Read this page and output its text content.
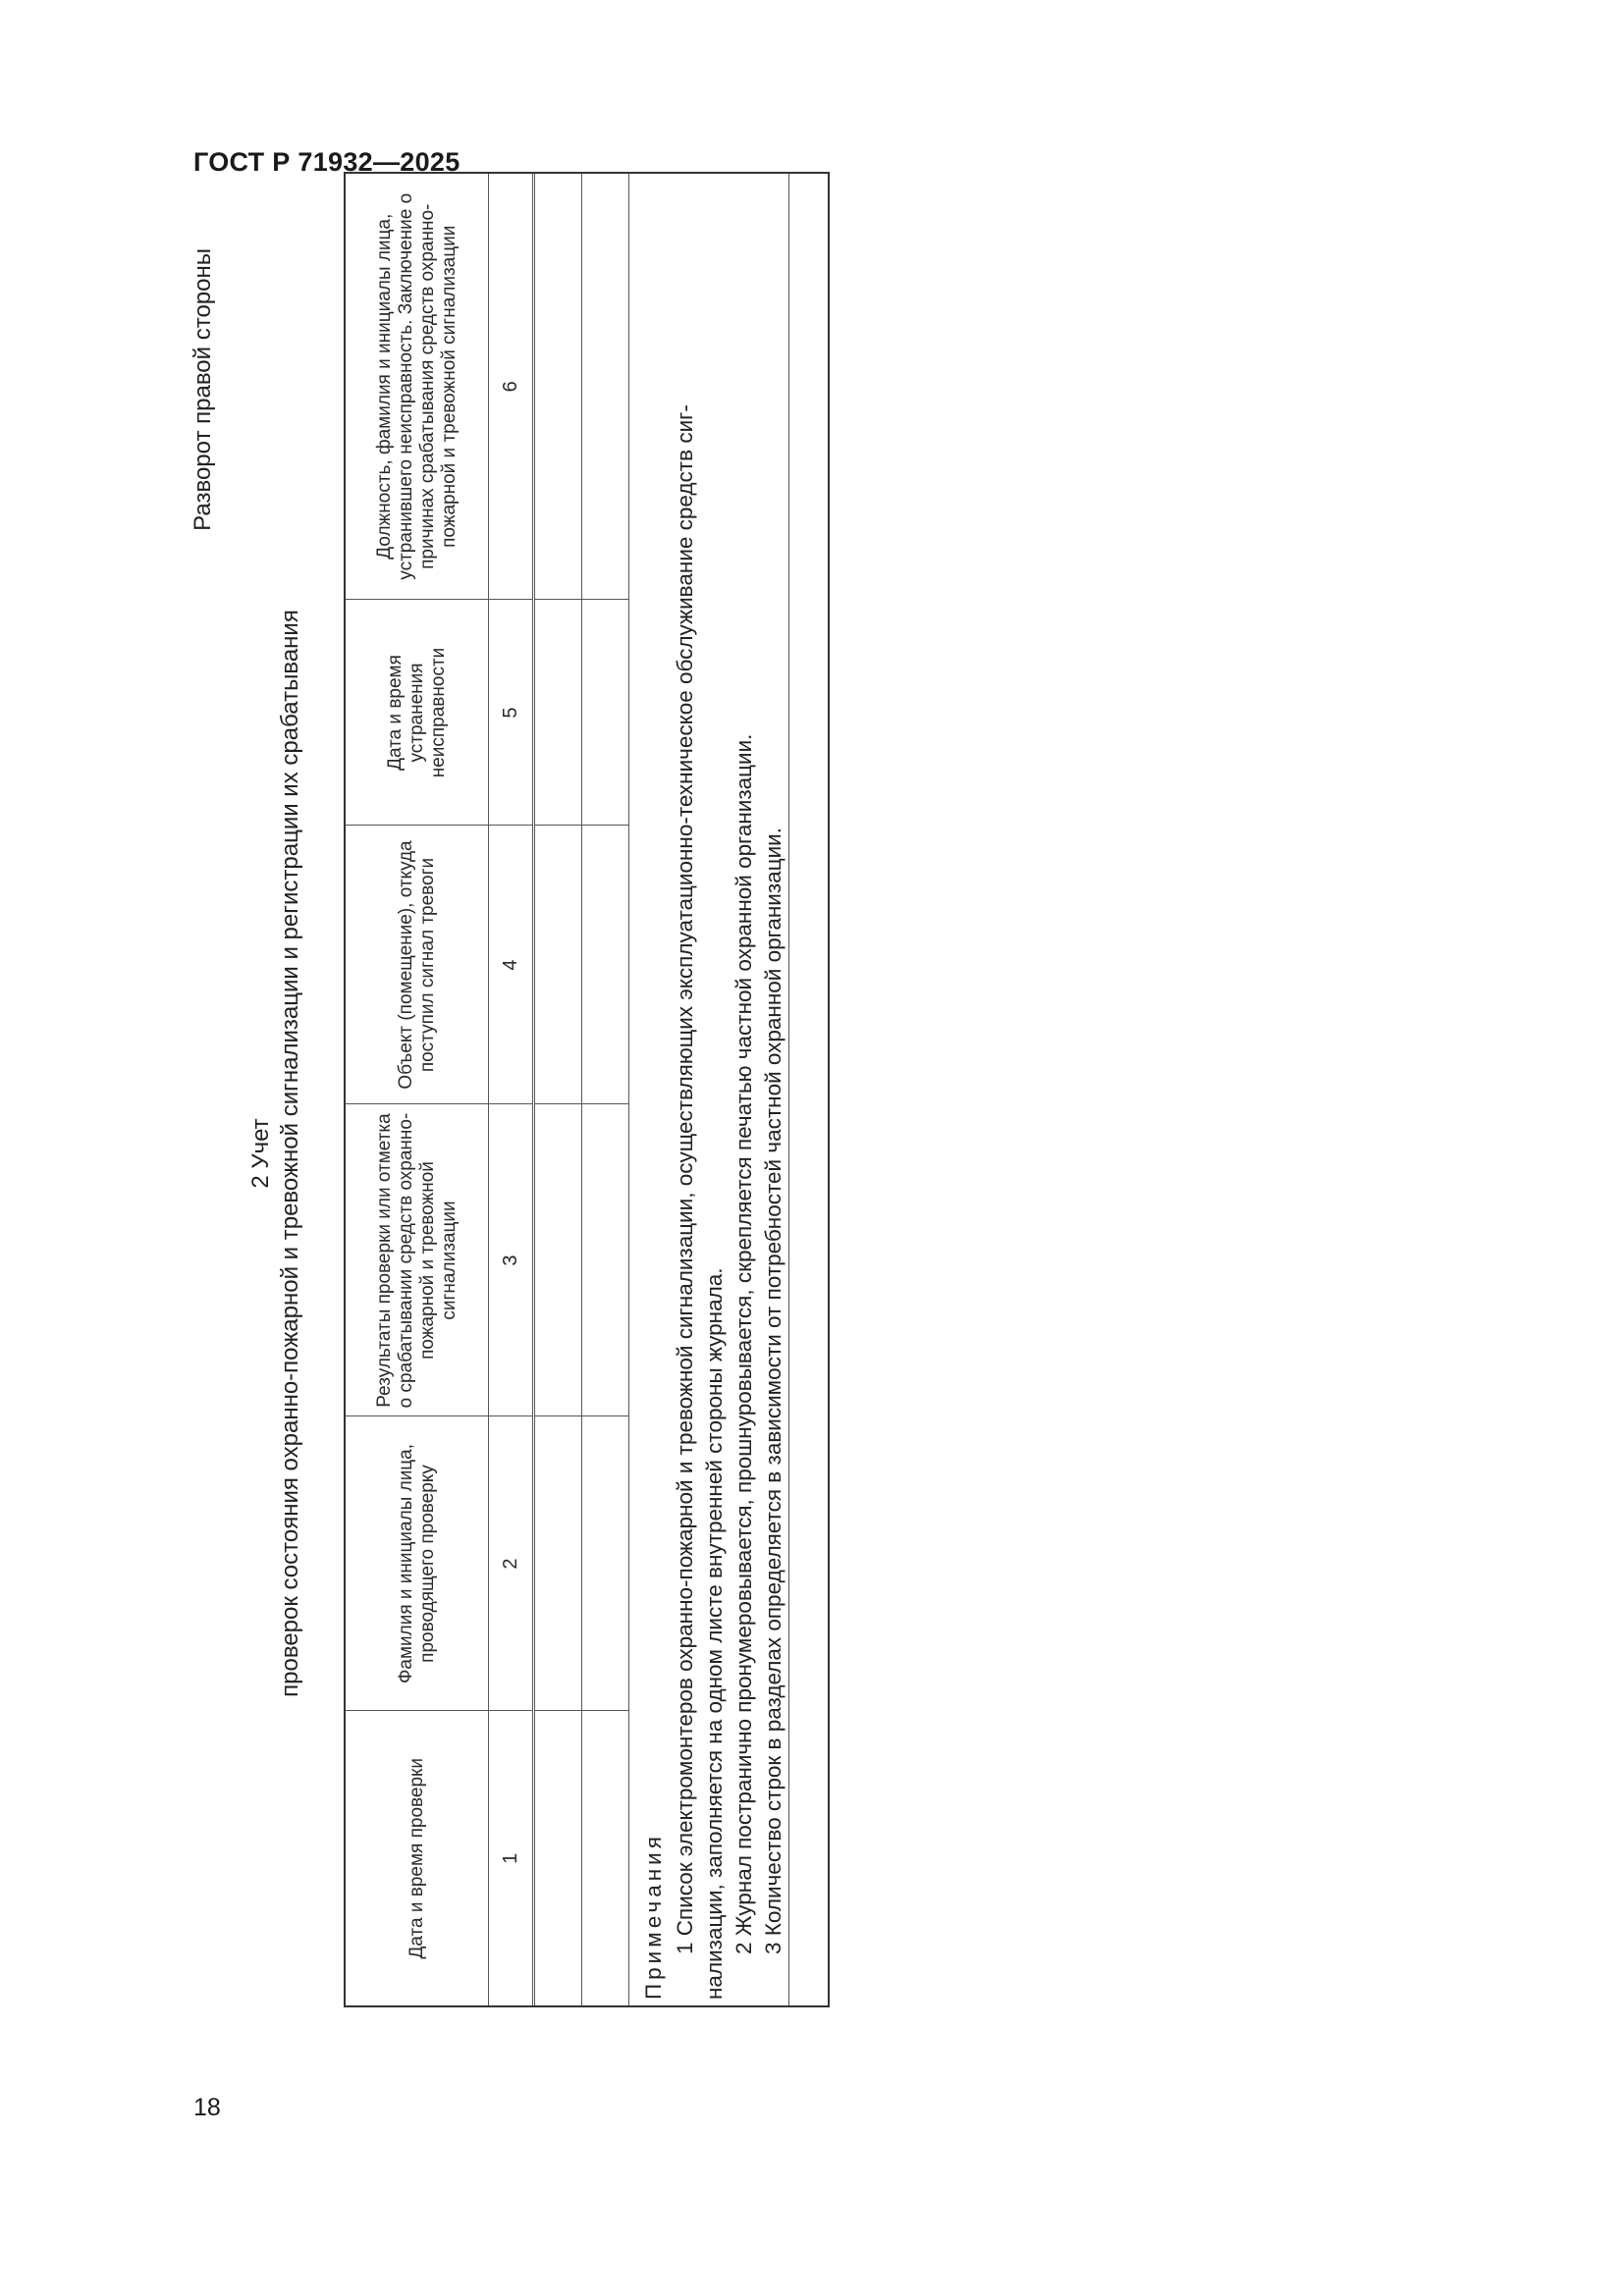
ГОСТ Р 71932—2025
18
Разворот правой стороны
2 Учет проверок состояния охранно-пожарной и тревожной сигнализации и регистрации их срабатывания
Дата и время проверки	Фамилия и инициалы лица, проводящего проверку	Результаты проверки или отметка о срабатывании средств охранно-пожарной и тревожной сигнализации	Объект (помещение), откуда поступил сигнал тревоги	Дата и время устранения неисправности	Должность, фамилия и инициалы лица, устранившего неисправность. Заключение о причинах срабатывания средств охранно-пожарной и тревожной сигнализации
1	2	3	4	5	6

Примечания 1 Список электромонтеров охранно-пожарной и тревожной сигнализации, осуществляющих эксплуатационно-техническое обслуживание средств сиг- нализации, заполняется на одном листе внутренней стороны журнала. 2 Журнал постранично пронумеровывается, прошнуровывается, скрепляется печатью частной охранной организации. 3 Количество строк в разделах определяется в зависимости от потребностей частной охранной организации.					
